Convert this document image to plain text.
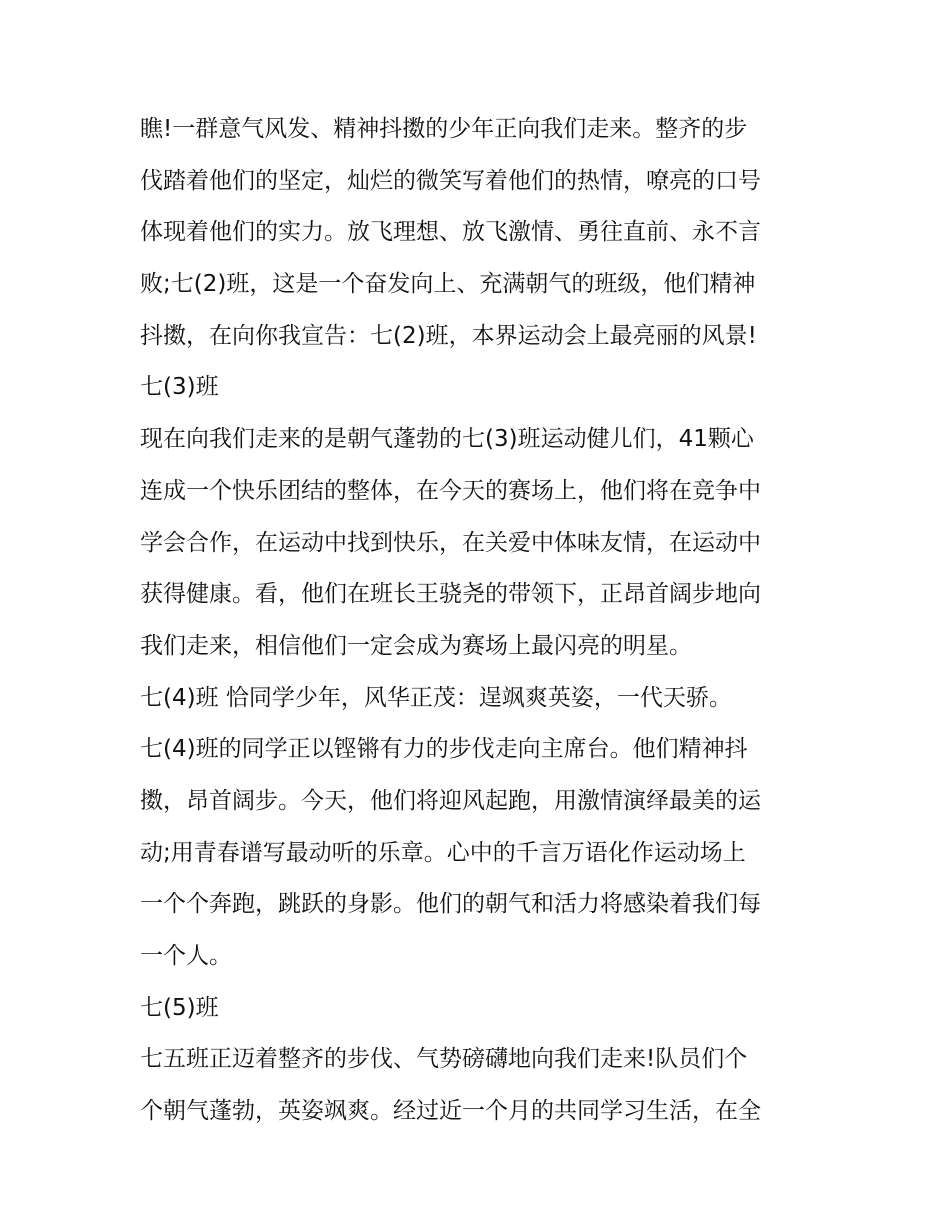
瞧!一群意气风发、精神抖擞的少年正向我们走来。整齐的步
伐踏着他们的坚定，灿烂的微笑写着他们的热情，嘹亮的口号
体现着他们的实力。放飞理想、放飞激情、勇往直前、永不言
败;七(2)班，这是一个奋发向上、充满朝气的班级，他们精神
抖擞，在向你我宣告：七(2)班，本界运动会上最亮丽的风景!
七(3)班
现在向我们走来的是朝气蓬勃的七(3)班运动健儿们，41颗心
连成一个快乐团结的整体，在今天的赛场上，他们将在竞争中
学会合作，在运动中找到快乐，在关爱中体味友情，在运动中
获得健康。看，他们在班长王骁尧的带领下，正昂首阔步地向
我们走来，相信他们一定会成为赛场上最闪亮的明星。
七(4)班 恰同学少年，风华正茂：逞飒爽英姿，一代天骄。
七(4)班的同学正以铿锵有力的步伐走向主席台。他们精神抖
擞，昂首阔步。今天，他们将迎风起跑，用激情演绎最美的运
动;用青春谱写最动听的乐章。心中的千言万语化作运动场上
一个个奔跑，跳跃的身影。他们的朝气和活力将感染着我们每
一个人。
七(5)班
七五班正迈着整齐的步伐、气势磅礴地向我们走来!队员们个
个朝气蓬勃，英姿飒爽。经过近一个月的共同学习生活，在全
